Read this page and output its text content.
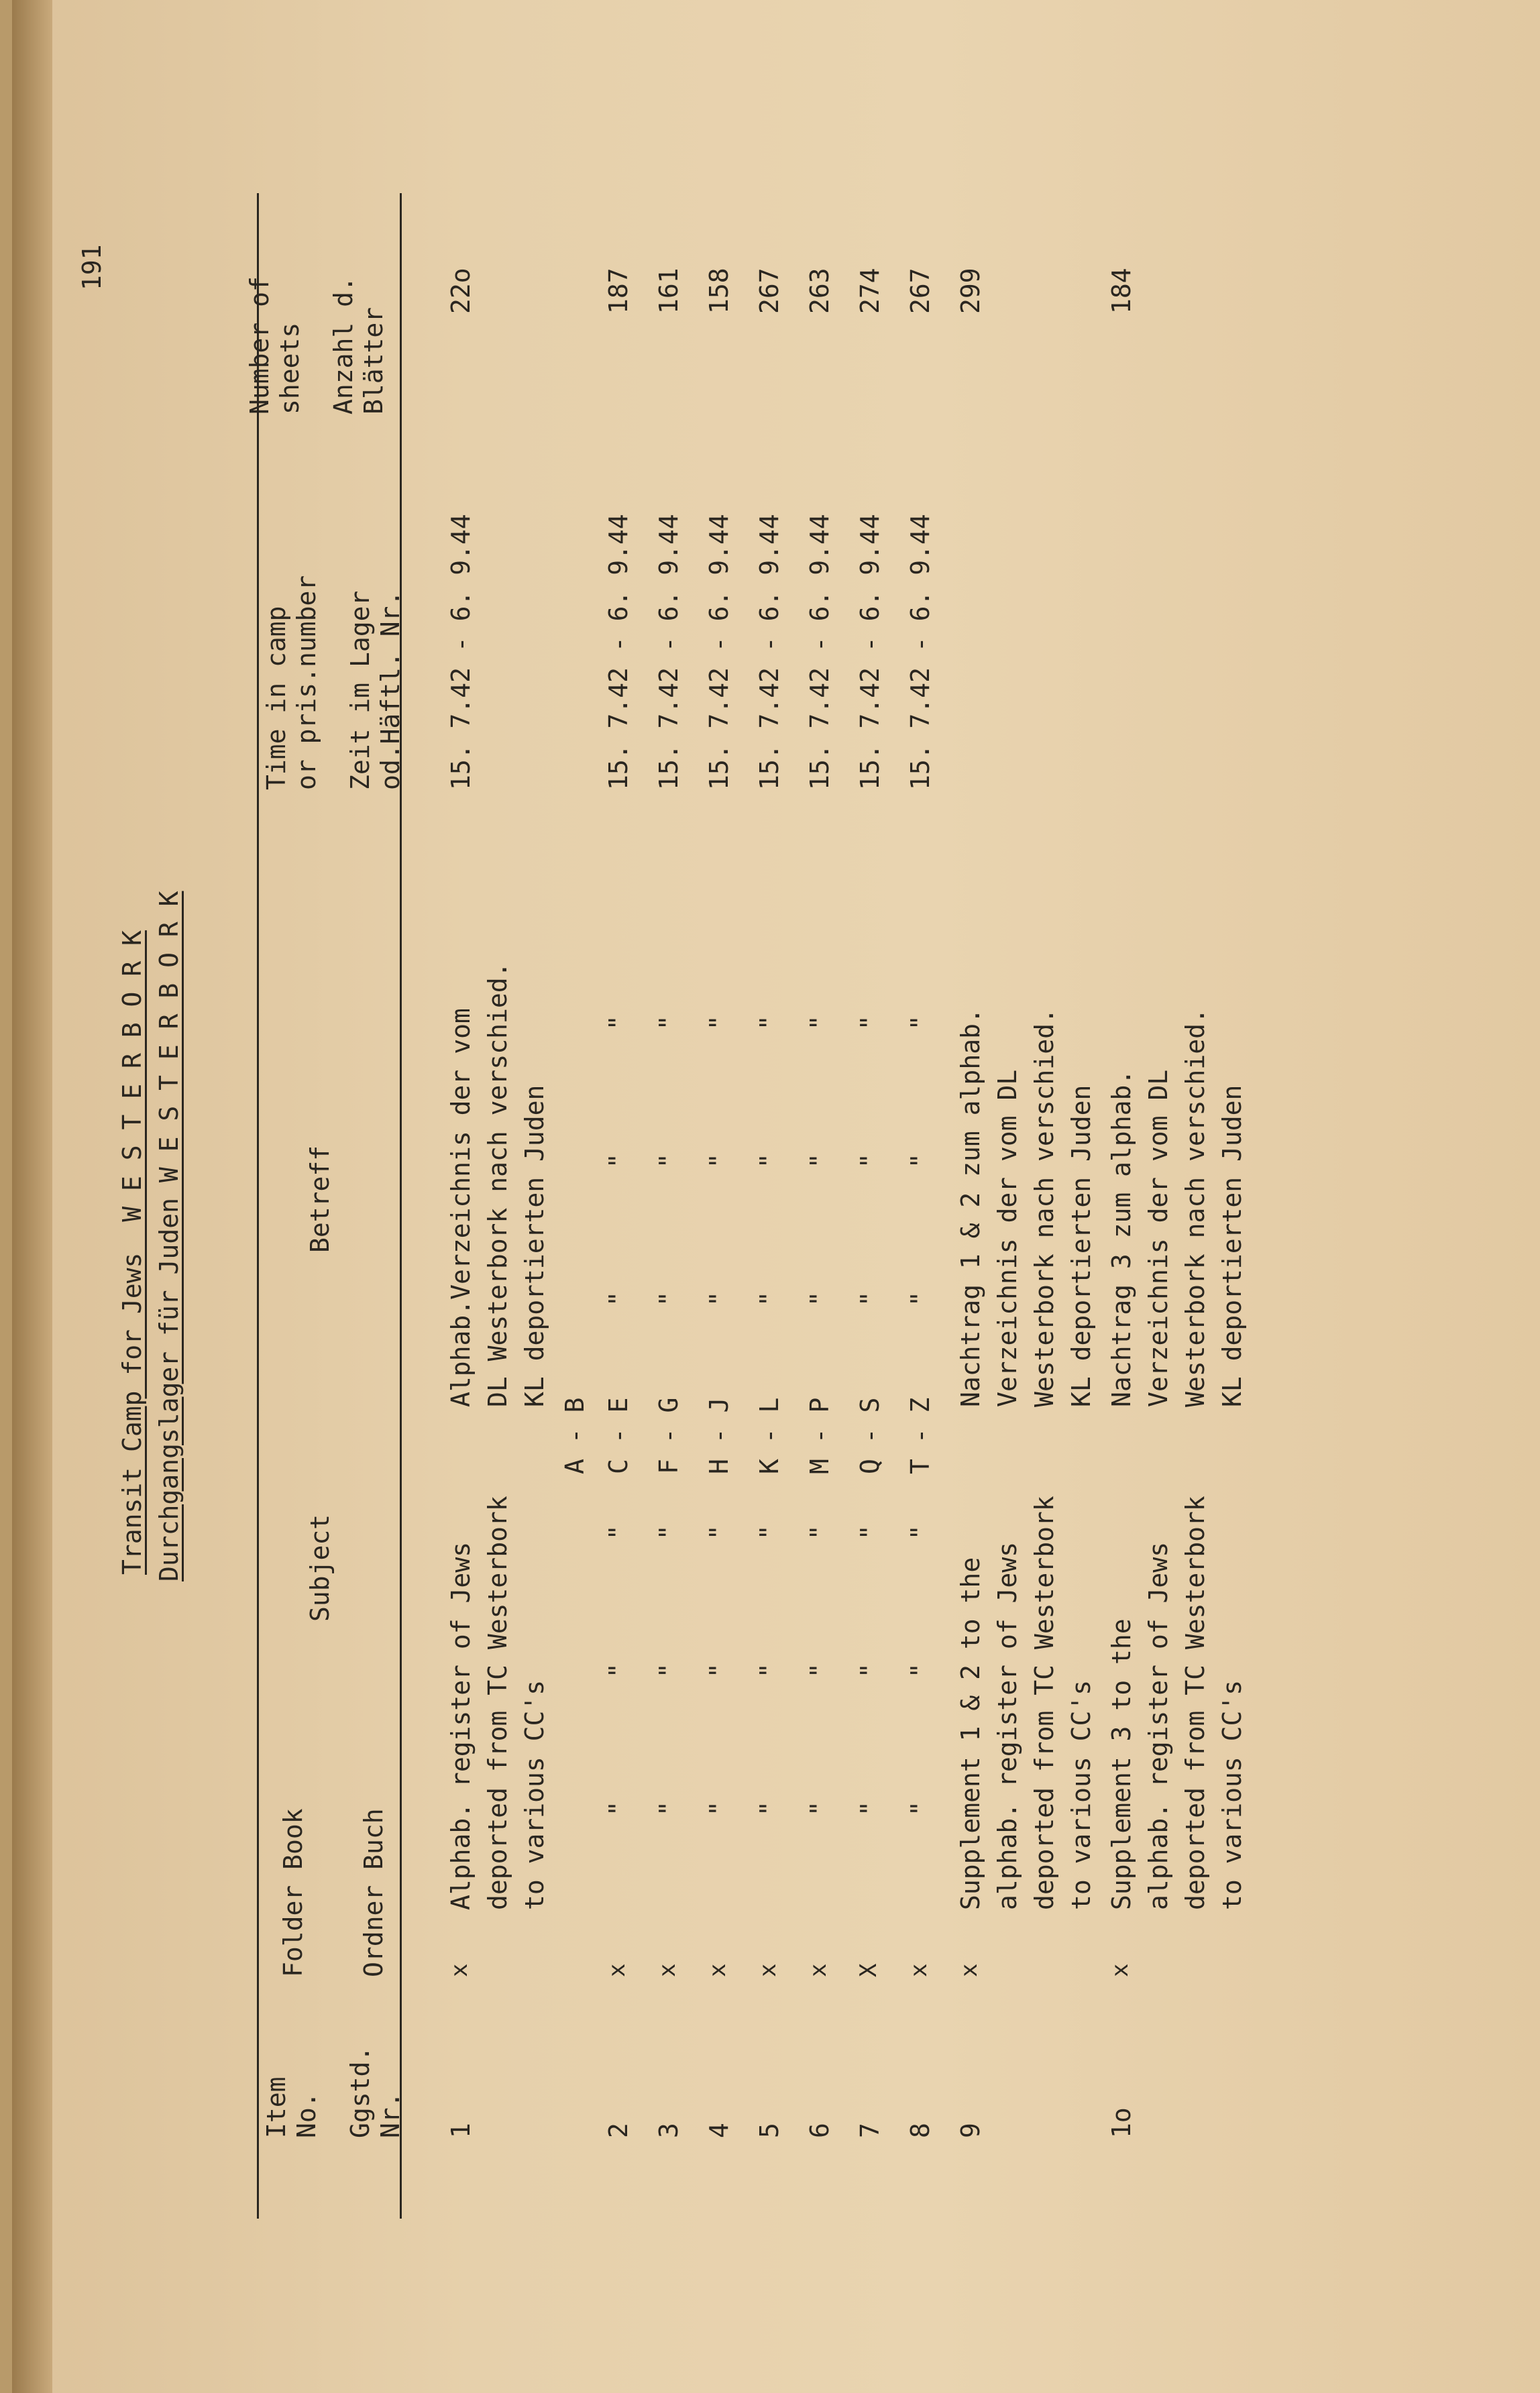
191
Transit Camp for Jews  W E S T E R B O R K Durchgangslager für Juden W E S T E R B O R K
Item No. Ggstd. Nr.
Folder Book Ordner Buch
Subject
Betreff
Time in camp or pris.number Zeit im Lager od.Häftl. Nr.
Number of sheets Anzahl d. Blätter
1
x
Alphab. register of Jews deported from TC Westerbork to various CC's
A - B
Alphab.Verzeichnis der vom DL Westerbork nach verschied. KL deportierten Juden
15. 7.42 - 6. 9.44
22o
2
x
"        "        "
C - E
"        "        "
15. 7.42 - 6. 9.44
187
3
x
"        "        "
F - G
"        "        "
15. 7.42 - 6. 9.44
161
4
x
"        "        "
H - J
"        "        "
15. 7.42 - 6. 9.44
158
5
x
"        "        "
K - L
"        "        "
15. 7.42 - 6. 9.44
267
6
x
"        "        "
M - P
"        "        "
15. 7.42 - 6. 9.44
263
7
X
"        "        "
Q - S
"        "        "
15. 7.42 - 6. 9.44
274
8
x
"        "        "
T - Z
"        "        "
15. 7.42 - 6. 9.44
267
9
x
Supplement 1 & 2 to the alphab. register of Jews deported from TC Westerbork to various CC's
Nachtrag 1 & 2 zum alphab. Verzeichnis der vom DL Westerbork nach verschied. KL deportierten Juden
299
1o
x
Supplement 3 to the alphab. register of Jews deported from TC Westerbork to various CC's
Nachtrag 3 zum alphab. Verzeichnis der vom DL Westerbork nach verschied. KL deportierten Juden
184
